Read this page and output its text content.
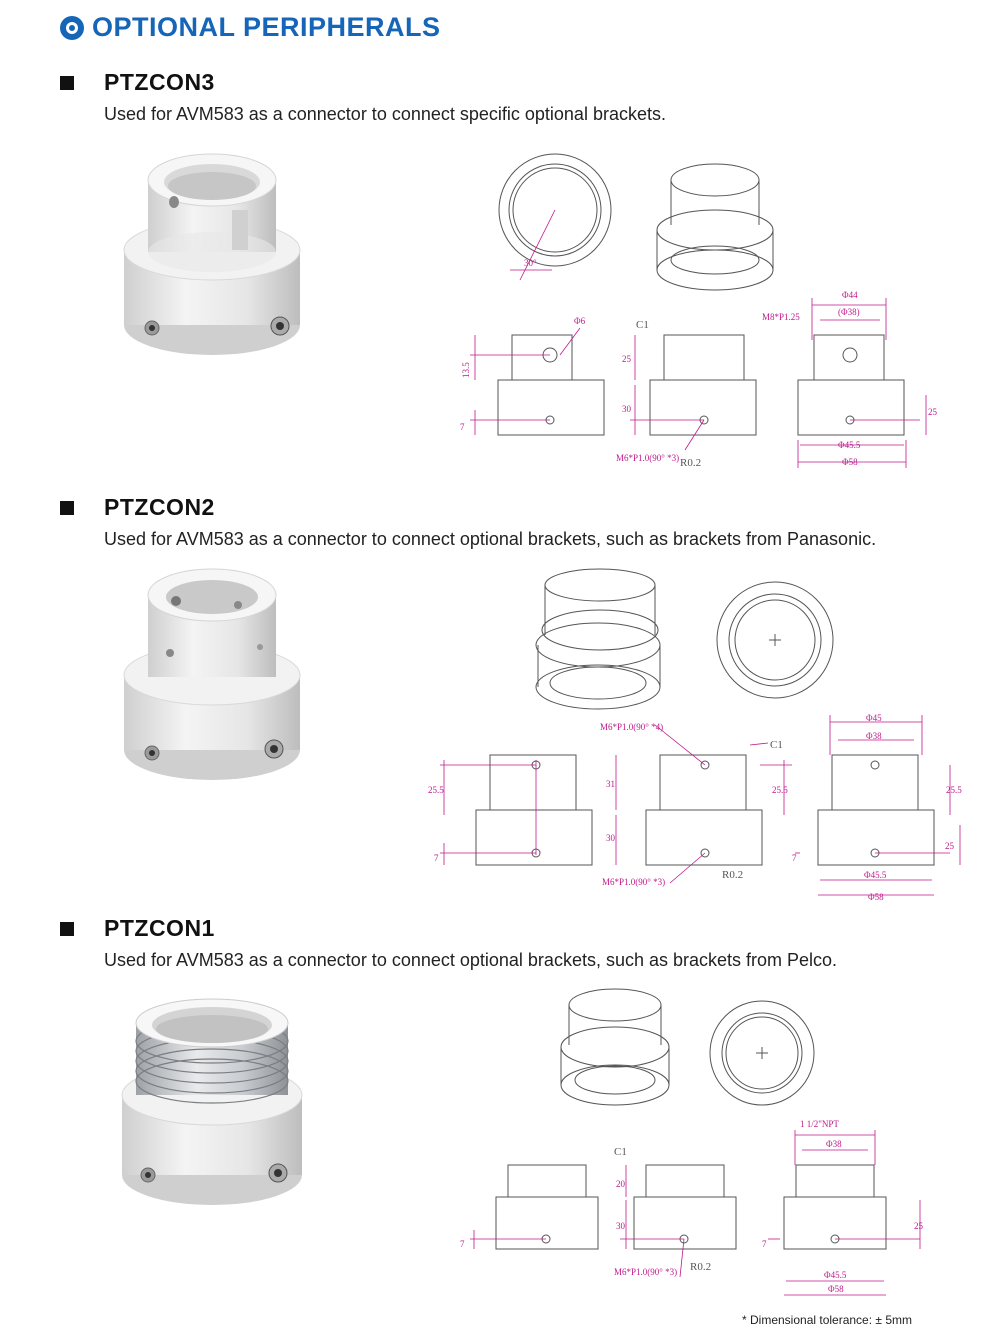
OPTIONAL PERIPHERALS
PTZCON3

Used for AVM583 as a connector to connect specific optional brackets.

30°
Φ6
13.5
7
25
30
M6*P1.0(90° *3)
M8*P1.25
Φ44
(Φ38)
Φ45.5
Φ58
25
C1
R0.2
PTZCON2

Used for AVM583 as a connector to connect optional brackets, such as brackets from Panasonic.

M6*P1.0(90° *4)
25.5
7
31
30
25.5
M6*P1.0(90° *3)
Φ45
Φ38
7
25.5
25
Φ45.5
Φ58
C1
R0.2
PTZCON1

Used for AVM583 as a connector to connect optional brackets, such as brackets from Pelco.

7
20
30
M6*P1.0(90° *3)
1 1/2"NPT
Φ38
7
25
Φ45.5
Φ58
C1
R0.2
* Dimensional tolerance: ± 5mm
